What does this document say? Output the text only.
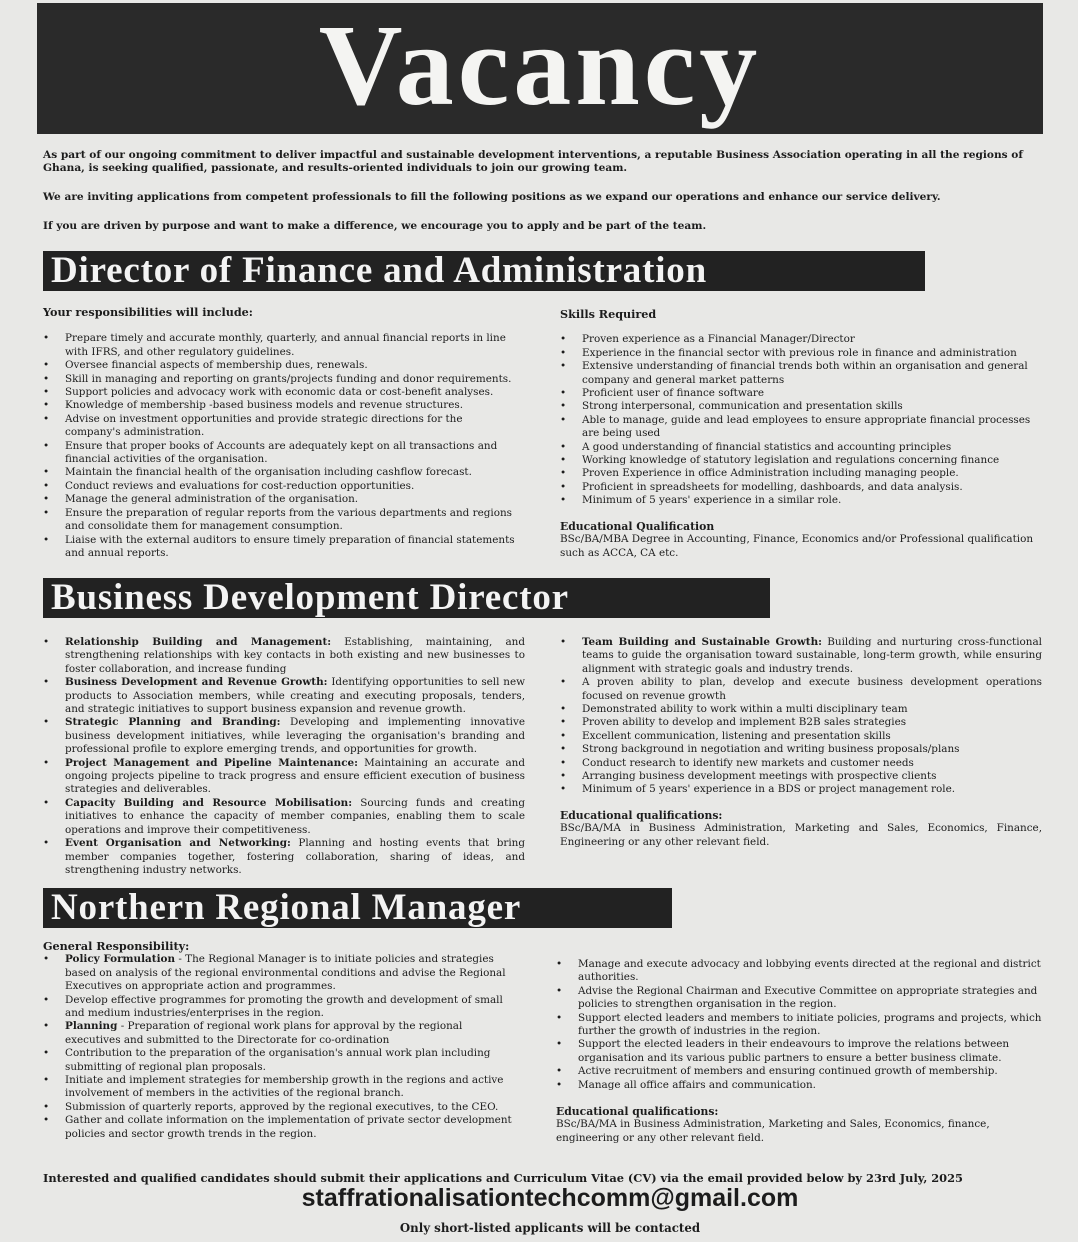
Vacancy

As part of our ongoing commitment to deliver impactful and sustainable development interventions, a reputable Business Association operating in all the regions of Ghana, is seeking qualified, passionate, and results-oriented individuals to join our growing team.

We are inviting applications from competent professionals to fill the following positions as we expand our operations and enhance our service delivery.

If you are driven by purpose and want to make a difference, we encourage you to apply and be part of the team.

Director of Finance and Administration
Your responsibilities will include:
• Prepare timely and accurate monthly, quarterly, and annual financial reports in line with IFRS, and other regulatory guidelines.
• Oversee financial aspects of membership dues, renewals.
• Skill in managing and reporting on grants/projects funding and donor requirements.
• Support policies and advocacy work with economic data or cost-benefit analyses.
• Knowledge of membership -based business models and revenue structures.
• Advise on investment opportunities and provide strategic directions for the company's administration.
• Ensure that proper books of Accounts are adequately kept on all transactions and financial activities of the organisation.
• Maintain the financial health of the organisation including cashflow forecast.
• Conduct reviews and evaluations for cost-reduction opportunities.
• Manage the general administration of the organisation.
• Ensure the preparation of regular reports from the various departments and regions and consolidate them for management consumption.
• Liaise with the external auditors to ensure timely preparation of financial statements and annual reports.
Skills Required
• Proven experience as a Financial Manager/Director
• Experience in the financial sector with previous role in finance and administration
• Extensive understanding of financial trends both within an organisation and general company and general market patterns
• Proficient user of finance software
• Strong interpersonal, communication and presentation skills
• Able to manage, guide and lead employees to ensure appropriate financial processes are being used
• A good understanding of financial statistics and accounting principles
• Working knowledge of statutory legislation and regulations concerning finance
• Proven Experience in office Administration including managing people.
• Proficient in spreadsheets for modelling, dashboards, and data analysis.
• Minimum of 5 years' experience in a similar role.

Educational Qualification

BSc/BA/MBA Degree in Accounting, Finance, Economics and/or Professional qualification such as ACCA, CA etc.

Business Development Director
• Relationship Building and Management: Establishing, maintaining, and strengthening relationships with key contacts in both existing and new businesses to foster collaboration, and increase funding
• Business Development and Revenue Growth: Identifying opportunities to sell new products to Association members, while creating and executing proposals, tenders, and strategic initiatives to support business expansion and revenue growth.
• Strategic Planning and Branding: Developing and implementing innovative business development initiatives, while leveraging the organisation's branding and professional profile to explore emerging trends, and opportunities for growth.
• Project Management and Pipeline Maintenance: Maintaining an accurate and ongoing projects pipeline to track progress and ensure efficient execution of business strategies and deliverables.
• Capacity Building and Resource Mobilisation: Sourcing funds and creating initiatives to enhance the capacity of member companies, enabling them to scale operations and improve their competitiveness.
• Event Organisation and Networking: Planning and hosting events that bring member companies together, fostering collaboration, sharing of ideas, and strengthening industry networks.
• Team Building and Sustainable Growth: Building and nurturing cross-functional teams to guide the organisation toward sustainable, long-term growth, while ensuring alignment with strategic goals and industry trends.
• A proven ability to plan, develop and execute business development operations focused on revenue growth
• Demonstrated ability to work within a multi disciplinary team
• Proven ability to develop and implement B2B sales strategies
• Excellent communication, listening and presentation skills
• Strong background in negotiation and writing business proposals/plans
• Conduct research to identify new markets and customer needs
• Arranging business development meetings with prospective clients
• Minimum of 5 years' experience in a BDS or project management role.

Educational qualifications:

BSc/BA/MA in Business Administration, Marketing and Sales, Economics, Finance, Engineering or any other relevant field.

Northern Regional Manager
General Responsibility:
• Policy Formulation - The Regional Manager is to initiate policies and strategies based on analysis of the regional environmental conditions and advise the Regional Executives on appropriate action and programmes.
• Develop effective programmes for promoting the growth and development of small and medium industries/enterprises in the region.
• Planning - Preparation of regional work plans for approval by the regional executives and submitted to the Directorate for co-ordination
• Contribution to the preparation of the organisation's annual work plan including submitting of regional plan proposals.
• Initiate and implement strategies for membership growth in the regions and active involvement of members in the activities of the regional branch.
• Submission of quarterly reports, approved by the regional executives, to the CEO.
• Gather and collate information on the implementation of private sector development policies and sector growth trends in the region.
• Manage and execute advocacy and lobbying events directed at the regional and district authorities.
• Advise the Regional Chairman and Executive Committee on appropriate strategies and policies to strengthen organisation in the region.
• Support elected leaders and members to initiate policies, programs and projects, which further the growth of industries in the region.
• Support the elected leaders in their endeavours to improve the relations between organisation and its various public partners to ensure a better business climate.
• Active recruitment of members and ensuring continued growth of membership.
• Manage all office affairs and communication.

Educational qualifications:

BSc/BA/MA in Business Administration, Marketing and Sales, Economics, finance, engineering or any other relevant field.

Interested and qualified candidates should submit their applications and Curriculum Vitae (CV) via the email provided below by 23rd July, 2025
staffrationalisationtechcomm@gmail.com
Only short-listed applicants will be contacted
